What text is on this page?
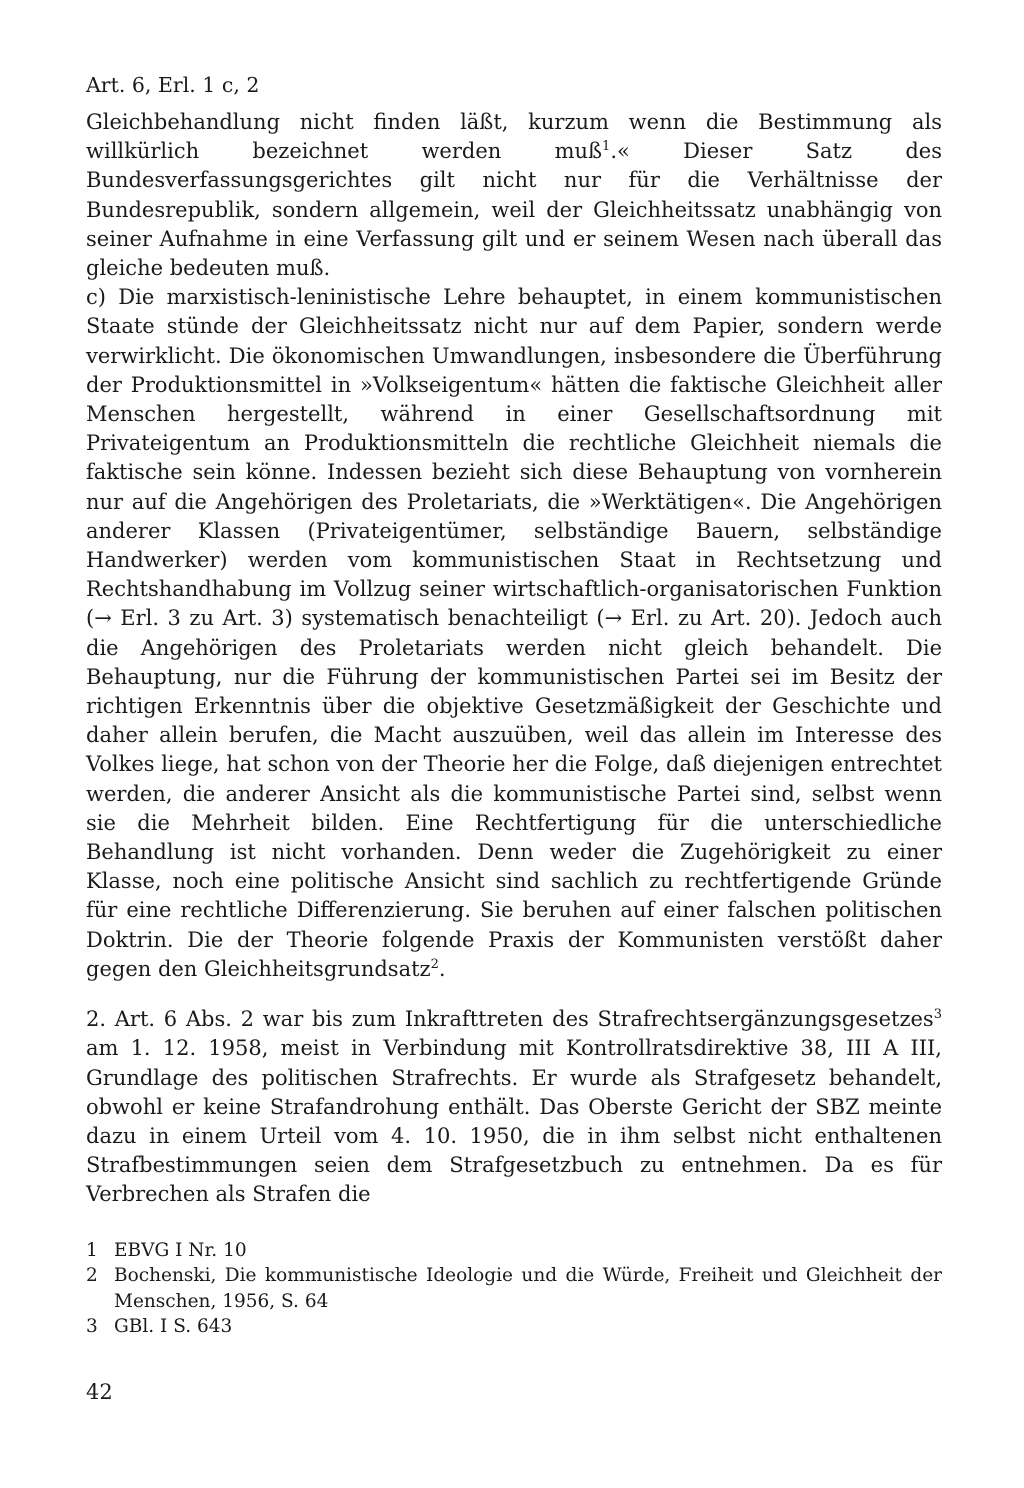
Art. 6, Erl. 1 c, 2

Gleichbehandlung nicht finden läßt, kurzum wenn die Bestimmung als willkürlich bezeichnet werden muß$^1$.« Dieser Satz des Bundesverfassungsgerichtes gilt nicht nur für die Verhältnisse der Bundesrepublik, sondern allgemein, weil der Gleichheitssatz unabhängig von seiner Aufnahme in eine Verfassung gilt und er seinem Wesen nach überall das gleiche bedeuten muß.

c) Die marxistisch-leninistische Lehre behauptet, in einem kommunistischen Staate stünde der Gleichheitssatz nicht nur auf dem Papier, sondern werde verwirklicht. Die ökonomischen Umwandlungen, insbesondere die Überführung der Produktionsmittel in »Volkseigentum« hätten die faktische Gleichheit aller Menschen hergestellt, während in einer Gesellschaftsordnung mit Privateigentum an Produktionsmitteln die rechtliche Gleichheit niemals die faktische sein könne. Indessen bezieht sich diese Behauptung von vornherein nur auf die Angehörigen des Proletariats, die »Werktätigen«. Die Angehörigen anderer Klassen (Privateigentümer, selbständige Bauern, selbständige Handwerker) werden vom kommunistischen Staat in Rechtsetzung und Rechtshandhabung im Vollzug seiner wirtschaftlich-organisatorischen Funktion (→ Erl. 3 zu Art. 3) systematisch benachteiligt (→ Erl. zu Art. 20). Jedoch auch die Angehörigen des Proletariats werden nicht gleich behandelt. Die Behauptung, nur die Führung der kommunistischen Partei sei im Besitz der richtigen Erkenntnis über die objektive Gesetzmäßigkeit der Geschichte und daher allein berufen, die Macht auszuüben, weil das allein im Interesse des Volkes liege, hat schon von der Theorie her die Folge, daß diejenigen entrechtet werden, die anderer Ansicht als die kommunistische Partei sind, selbst wenn sie die Mehrheit bilden. Eine Rechtfertigung für die unterschiedliche Behandlung ist nicht vorhanden. Denn weder die Zugehörigkeit zu einer Klasse, noch eine politische Ansicht sind sachlich zu rechtfertigende Gründe für eine rechtliche Differenzierung. Sie beruhen auf einer falschen politischen Doktrin. Die der Theorie folgende Praxis der Kommunisten verstößt daher gegen den Gleichheitsgrundsatz$^2$.

2. Art. 6 Abs. 2 war bis zum Inkrafttreten des Strafrechtsergänzungsgesetzes$^3$ am 1. 12. 1958, meist in Verbindung mit Kontrollratsdirektive 38, III A III, Grundlage des politischen Strafrechts. Er wurde als Strafgesetz behandelt, obwohl er keine Strafandrohung enthält. Das Oberste Gericht der SBZ meinte dazu in einem Urteil vom 4. 10. 1950, die in ihm selbst nicht enthaltenen Strafbestimmungen seien dem Strafgesetzbuch zu entnehmen. Da es für Verbrechen als Strafen die

1 EBVG I Nr. 10
2 Bochenski, Die kommunistische Ideologie und die Würde, Freiheit und Gleichheit der Menschen, 1956, S. 64
3 GBl. I S. 643
42
